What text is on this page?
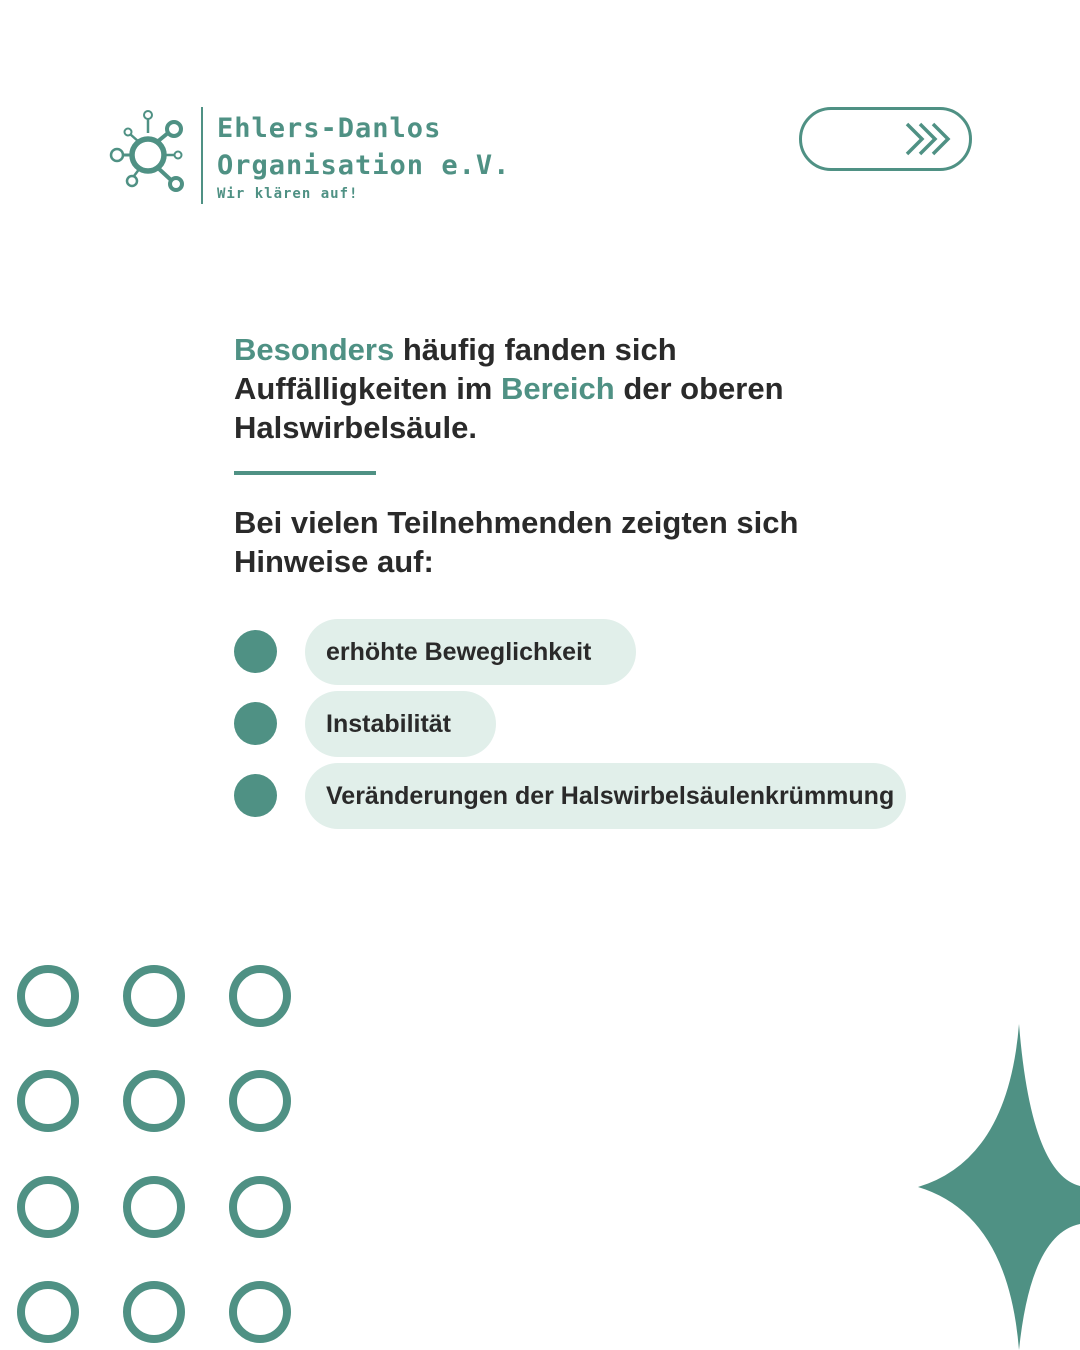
Ehlers-Danlos
Organisation e.V.
Wir klären auf!
Besonders häufig fanden sich Auffälligkeiten im Bereich der oberen Halswirbelsäule.
Bei vielen Teilnehmenden zeigten sich Hinweise auf:
erhöhte Beweglichkeit
Instabilität
Veränderungen der Halswirbelsäulenkrümmung
